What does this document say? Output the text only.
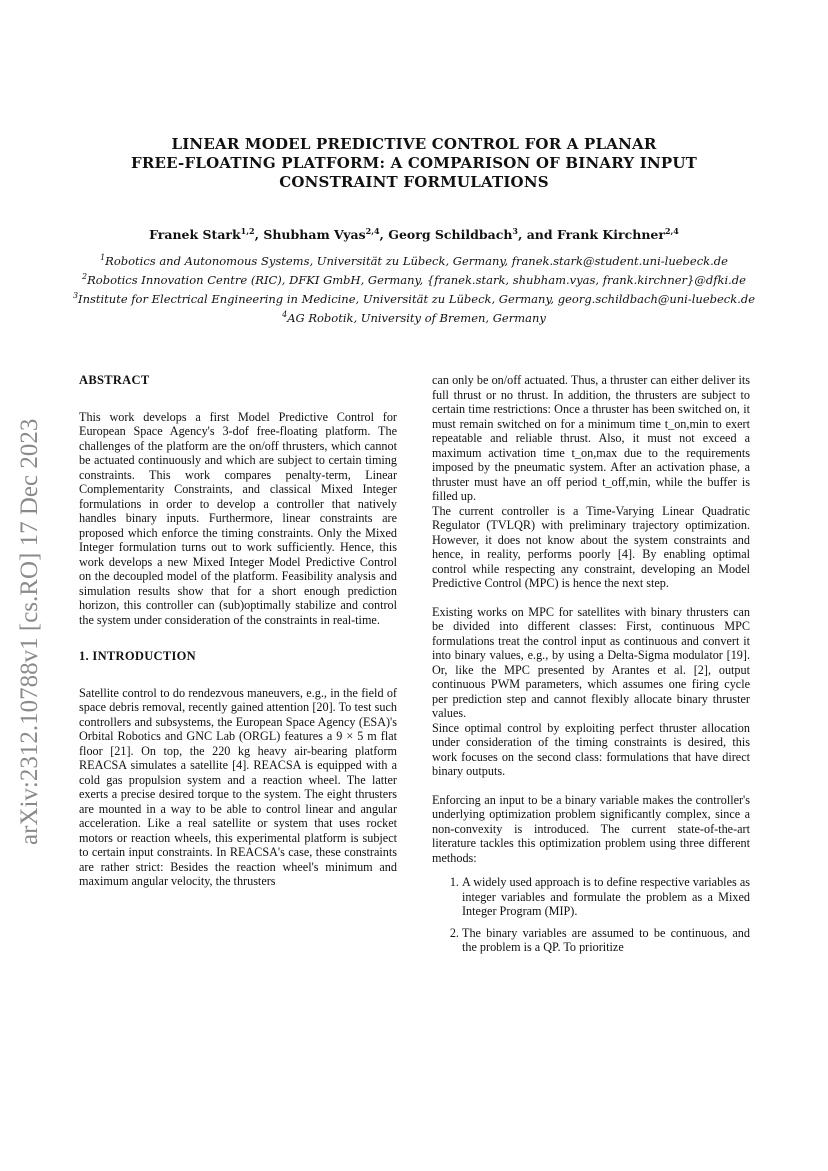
LINEAR MODEL PREDICTIVE CONTROL FOR A PLANAR
FREE-FLOATING PLATFORM: A COMPARISON OF BINARY INPUT
CONSTRAINT FORMULATIONS
Franek Stark$^{1,2}$, Shubham Vyas$^{2,4}$, Georg Schildbach$^3$, and Frank Kirchner$^{2,4}$
$^1$Robotics and Autonomous Systems, Universität zu Lübeck, Germany, franek.stark@student.uni-luebeck.de
$^2$Robotics Innovation Centre (RIC), DFKI GmbH, Germany, {franek.stark, shubham.vyas, frank.kirchner}@dfki.de
$^3$Institute for Electrical Engineering in Medicine, Universität zu Lübeck, Germany, georg.schildbach@uni-luebeck.de
$^4$AG Robotik, University of Bremen, Germany
arXiv:2312.10788v1 [cs.RO] 17 Dec 2023
ABSTRACT

This work develops a first Model Predictive Control for European Space Agency's 3-dof free-floating platform. The challenges of the platform are the on/off thrusters, which cannot be actuated continuously and which are subject to certain timing constraints. This work compares penalty-term, Linear Complementarity Constraints, and classical Mixed Integer formulations in order to develop a controller that natively handles binary inputs. Furthermore, linear constraints are proposed which enforce the timing constraints. Only the Mixed Integer formulation turns out to work sufficiently. Hence, this work develops a new Mixed Integer Model Predictive Control on the decoupled model of the platform. Feasibility analysis and simulation results show that for a short enough prediction horizon, this controller can (sub)optimally stabilize and control the system under consideration of the constraints in real-time.

1. INTRODUCTION

Satellite control to do rendezvous maneuvers, e.g., in the field of space debris removal, recently gained attention [20]. To test such controllers and subsystems, the European Space Agency (ESA)'s Orbital Robotics and GNC Lab (ORGL) features a 9 × 5 m flat floor [21]. On top, the 220 kg heavy air-bearing platform REACSA simulates a satellite [4]. REACSA is equipped with a cold gas propulsion system and a reaction wheel. The latter exerts a precise desired torque to the system. The eight thrusters are mounted in a way to be able to control linear and angular acceleration. Like a real satellite or system that uses rocket motors or reaction wheels, this experimental platform is subject to certain input constraints. In REACSA's case, these constraints are rather strict: Besides the reaction wheel's minimum and maximum angular velocity, the thrusters

can only be on/off actuated. Thus, a thruster can either deliver its full thrust or no thrust. In addition, the thrusters are subject to certain time restrictions: Once a thruster has been switched on, it must remain switched on for a minimum time t_on,min to exert repeatable and reliable thrust. Also, it must not exceed a maximum activation time t_on,max due to the requirements imposed by the pneumatic system. After an activation phase, a thruster must have an off period t_off,min, while the buffer is filled up.

The current controller is a Time-Varying Linear Quadratic Regulator (TVLQR) with preliminary trajectory optimization. However, it does not know about the system constraints and hence, in reality, performs poorly [4]. By enabling optimal control while respecting any constraint, developing an Model Predictive Control (MPC) is hence the next step.

Existing works on MPC for satellites with binary thrusters can be divided into different classes: First, continuous MPC formulations treat the control input as continuous and convert it into binary values, e.g., by using a Delta-Sigma modulator [19]. Or, like the MPC presented by Arantes et al. [2], output continuous PWM parameters, which assumes one firing cycle per prediction step and cannot flexibly allocate binary thruster values.

Since optimal control by exploiting perfect thruster allocation under consideration of the timing constraints is desired, this work focuses on the second class: formulations that have direct binary outputs.

Enforcing an input to be a binary variable makes the controller's underlying optimization problem significantly complex, since a non-convexity is introduced. The current state-of-the-art literature tackles this optimization problem using three different methods:

1. A widely used approach is to define respective variables as integer variables and formulate the problem as a Mixed Integer Program (MIP).
2. The binary variables are assumed to be continuous, and the problem is a QP. To prioritize
